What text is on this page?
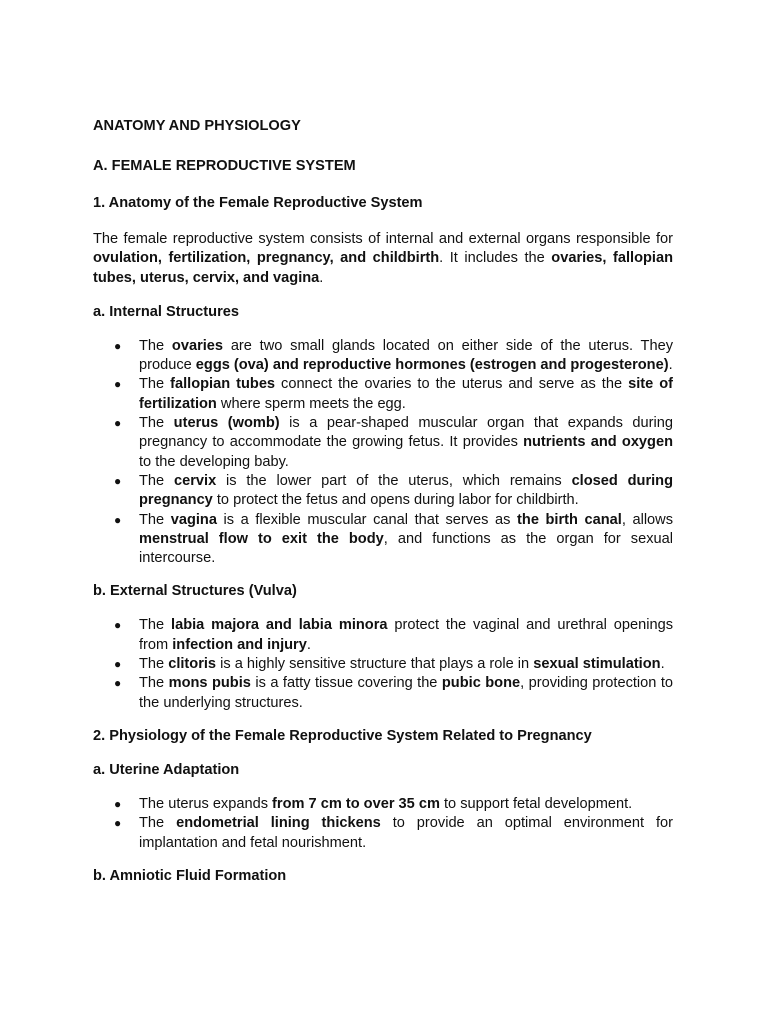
ANATOMY AND PHYSIOLOGY

A. FEMALE REPRODUCTIVE SYSTEM

1. Anatomy of the Female Reproductive System

The female reproductive system consists of internal and external organs responsible for ovulation, fertilization, pregnancy, and childbirth. It includes the ovaries, fallopian tubes, uterus, cervix, and vagina.

a. Internal Structures

● The ovaries are two small glands located on either side of the uterus. They produce eggs (ova) and reproductive hormones (estrogen and progesterone).
● The fallopian tubes connect the ovaries to the uterus and serve as the site of fertilization where sperm meets the egg.
● The uterus (womb) is a pear-shaped muscular organ that expands during pregnancy to accommodate the growing fetus. It provides nutrients and oxygen to the developing baby.
● The cervix is the lower part of the uterus, which remains closed during pregnancy to protect the fetus and opens during labor for childbirth.
● The vagina is a flexible muscular canal that serves as the birth canal, allows menstrual flow to exit the body, and functions as the organ for sexual intercourse.

b. External Structures (Vulva)

● The labia majora and labia minora protect the vaginal and urethral openings from infection and injury.
● The clitoris is a highly sensitive structure that plays a role in sexual stimulation.
● The mons pubis is a fatty tissue covering the pubic bone, providing protection to the underlying structures.

2. Physiology of the Female Reproductive System Related to Pregnancy

a. Uterine Adaptation

● The uterus expands from 7 cm to over 35 cm to support fetal development.
● The endometrial lining thickens to provide an optimal environment for implantation and fetal nourishment.

b. Amniotic Fluid Formation
